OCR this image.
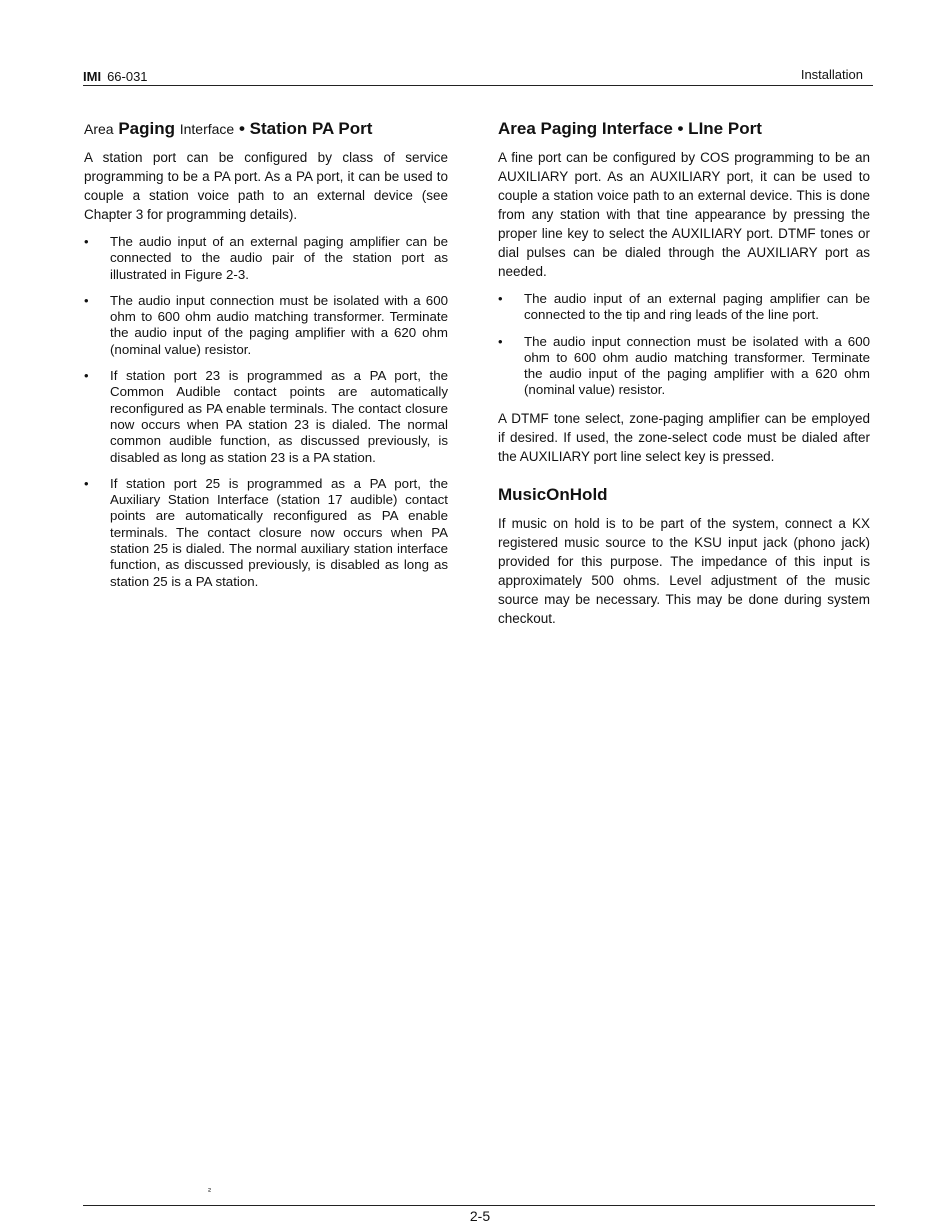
IMI 66-031	Installation
Area Paging Interface • Station PA Port

A station port can be configured by class of service programming to be a PA port. As a PA port, it can be used to couple a station voice path to an external device (see Chapter 3 for programming details).

• The audio input of an external paging amplifier can be connected to the audio pair of the station port as illustrated in Figure 2-3.
• The audio input connection must be isolated with a 600 ohm to 600 ohm audio matching transformer. Terminate the audio input of the paging amplifier with a 620 ohm (nominal value) resistor.
• If station port 23 is programmed as a PA port, the Common Audible contact points are automatically reconfigured as PA enable terminals. The contact closure now occurs when PA station 23 is dialed. The normal common audible function, as discussed previously, is disabled as long as station 23 is a PA station.
• If station port 25 is programmed as a PA port, the Auxiliary Station Interface (station 17 audible) contact points are automatically reconfigured as PA enable terminals. The contact closure now occurs when PA station 25 is dialed. The normal auxiliary station interface function, as discussed previously, is disabled as long as station 25 is a PA station.
Area Paging Interface • LIne Port

A fine port can be configured by COS programming to be an AUXILIARY port. As an AUXILIARY port, it can be used to couple a station voice path to an external device. This is done from any station with that tine appearance by pressing the proper line key to select the AUXILIARY port. DTMF tones or dial pulses can be dialed through the AUXILIARY port as needed.

• The audio input of an external paging amplifier can be connected to the tip and ring leads of the line port.
• The audio input connection must be isolated with a 600 ohm to 600 ohm audio matching transformer. Terminate the audio input of the paging amplifier with a 620 ohm (nominal value) resistor.

A DTMF tone select, zone-paging amplifier can be employed if desired. If used, the zone-select code must be dialed after the AUXILIARY port line select key is pressed.

MusicOnHold

If music on hold is to be part of the system, connect a KX registered music source to the KSU input jack (phono jack) provided for this purpose. The impedance of this input is approximately 500 ohms. Level adjustment of the music source may be necessary. This may be done during system checkout.

²
2-5
